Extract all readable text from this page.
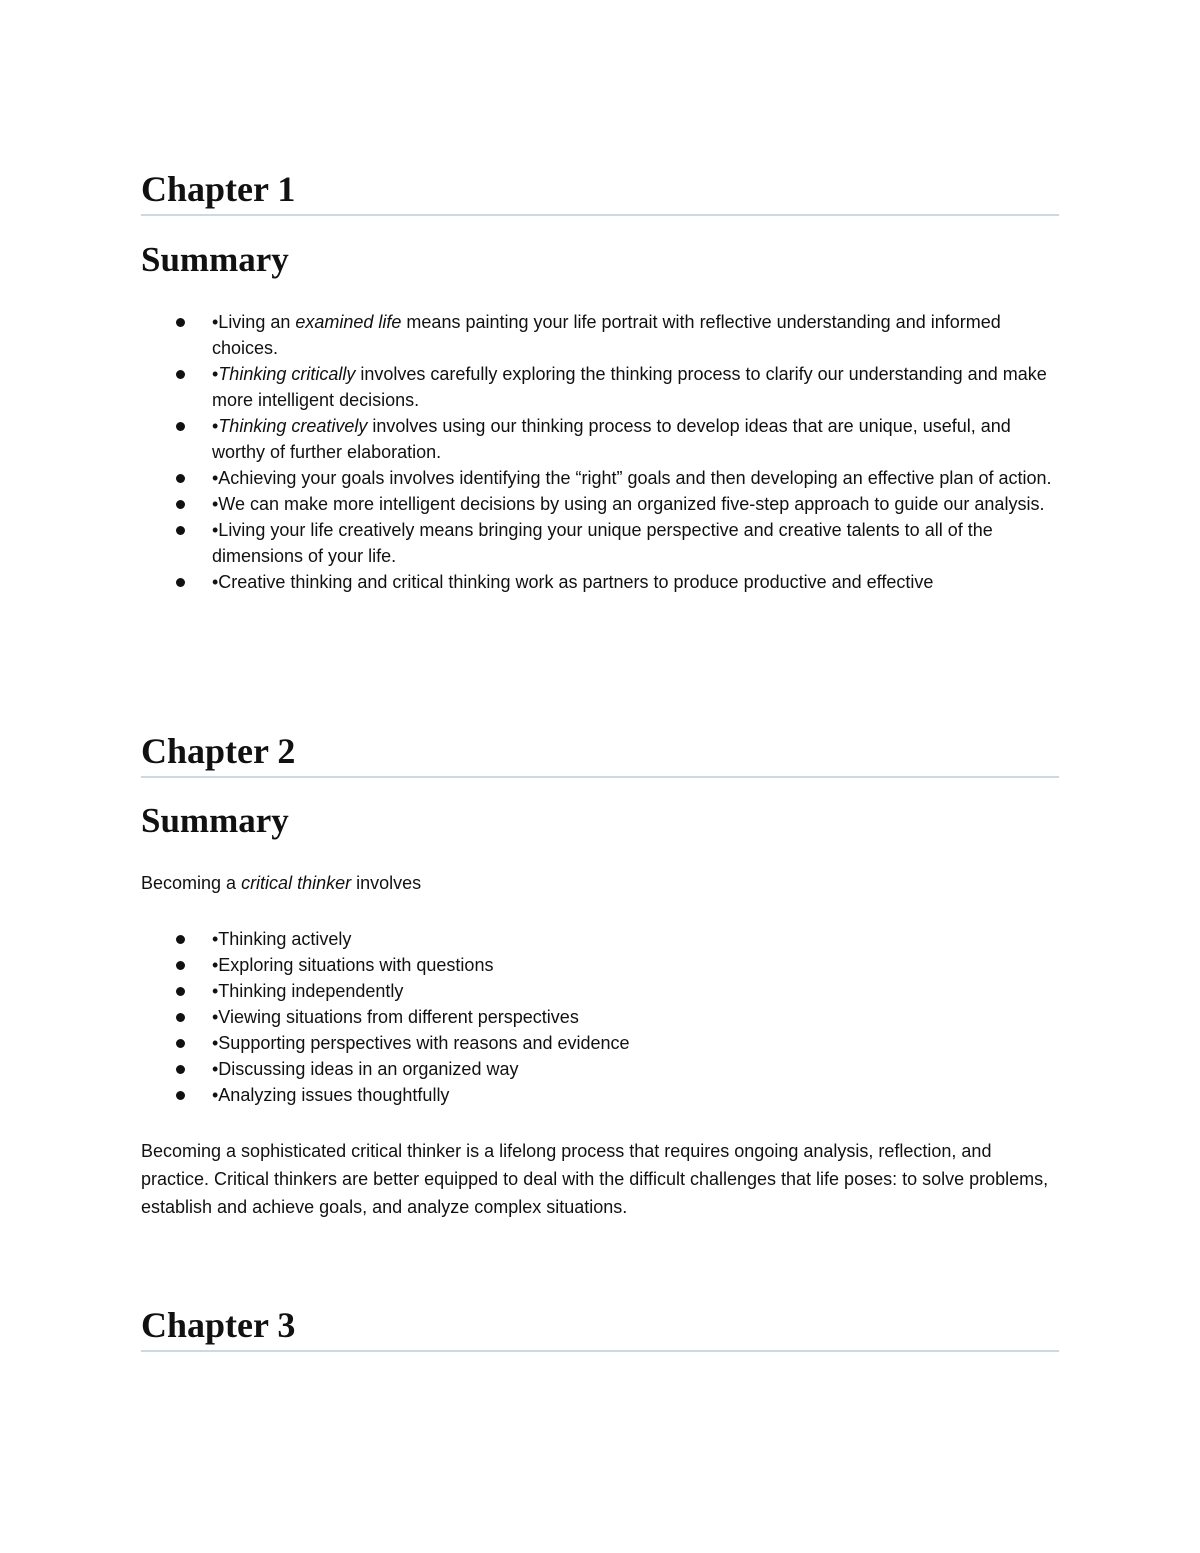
Chapter 1
Summary
•Living an examined life means painting your life portrait with reflective understanding and informed choices.
•Thinking critically involves carefully exploring the thinking process to clarify our understanding and make more intelligent decisions.
•Thinking creatively involves using our thinking process to develop ideas that are unique, useful, and worthy of further elaboration.
•Achieving your goals involves identifying the “right” goals and then developing an effective plan of action.
•We can make more intelligent decisions by using an organized five-step approach to guide our analysis.
•Living your life creatively means bringing your unique perspective and creative talents to all of the dimensions of your life.
•Creative thinking and critical thinking work as partners to produce productive and effective
Chapter 2
Summary

Becoming a critical thinker involves

•Thinking actively
•Exploring situations with questions
•Thinking independently
•Viewing situations from different perspectives
•Supporting perspectives with reasons and evidence
•Discussing ideas in an organized way
•Analyzing issues thoughtfully

Becoming a sophisticated critical thinker is a lifelong process that requires ongoing analysis, reflection, and practice. Critical thinkers are better equipped to deal with the difficult challenges that life poses: to solve problems, establish and achieve goals, and analyze complex situations.

Chapter 3
